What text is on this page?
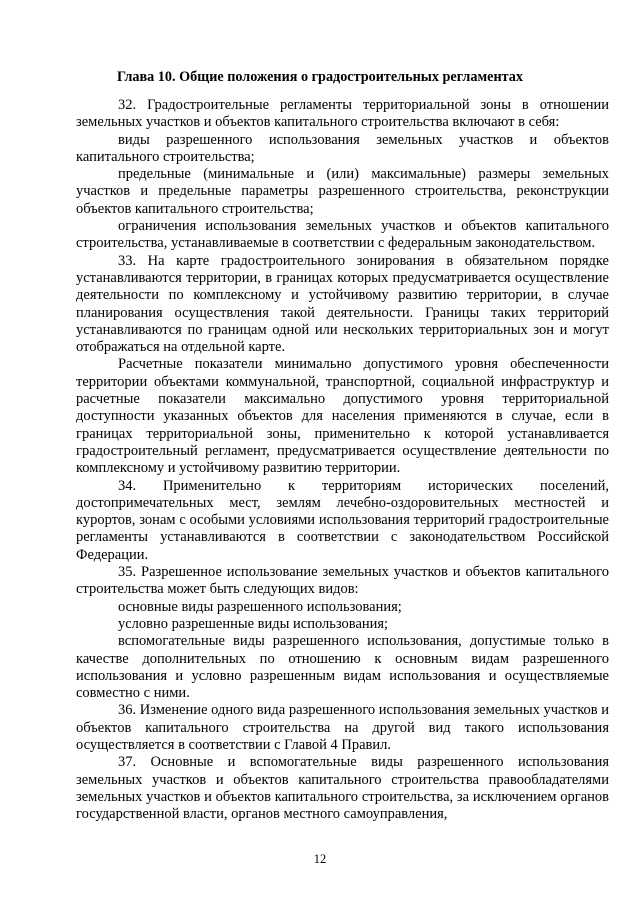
Глава 10. Общие положения о градостроительных регламентах

32. Градостроительные регламенты территориальной зоны в отношении земельных участков и объектов капитального строительства включают в себя:

виды разрешенного использования земельных участков и объектов капитального строительства;

предельные (минимальные и (или) максимальные) размеры земельных участков и предельные параметры разрешенного строительства, реконструкции объектов капитального строительства;

ограничения использования земельных участков и объектов капитального строительства, устанавливаемые в соответствии с федеральным законодательством.

33. На карте градостроительного зонирования в обязательном порядке устанавливаются территории, в границах которых предусматривается осуществление деятельности по комплексному и устойчивому развитию территории, в случае планирования осуществления такой деятельности. Границы таких территорий устанавливаются по границам одной или нескольких территориальных зон и могут отображаться на отдельной карте.

Расчетные показатели минимально допустимого уровня обеспеченности территории объектами коммунальной, транспортной, социальной инфраструктур и расчетные показатели максимально допустимого уровня территориальной доступности указанных объектов для населения применяются в случае, если в границах территориальной зоны, применительно к которой устанавливается градостроительный регламент, предусматривается осуществление деятельности по комплексному и устойчивому развитию территории.

34. Применительно к территориям исторических поселений, достопримечательных мест, землям лечебно-оздоровительных местностей и курортов, зонам с особыми условиями использования территорий градостроительные регламенты устанавливаются в соответствии с законодательством Российской Федерации.

35. Разрешенное использование земельных участков и объектов капитального строительства может быть следующих видов:

основные виды разрешенного использования;

условно разрешенные виды использования;

вспомогательные виды разрешенного использования, допустимые только в качестве дополнительных по отношению к основным видам разрешенного использования и условно разрешенным видам использования и осуществляемые совместно с ними.

36. Изменение одного вида разрешенного использования земельных участков и объектов капитального строительства на другой вид такого использования осуществляется в соответствии с Главой 4 Правил.

37. Основные и вспомогательные виды разрешенного использования земельных участков и объектов капитального строительства правообладателями земельных участков и объектов капитального строительства, за исключением органов государственной власти, органов местного самоуправления,

12
